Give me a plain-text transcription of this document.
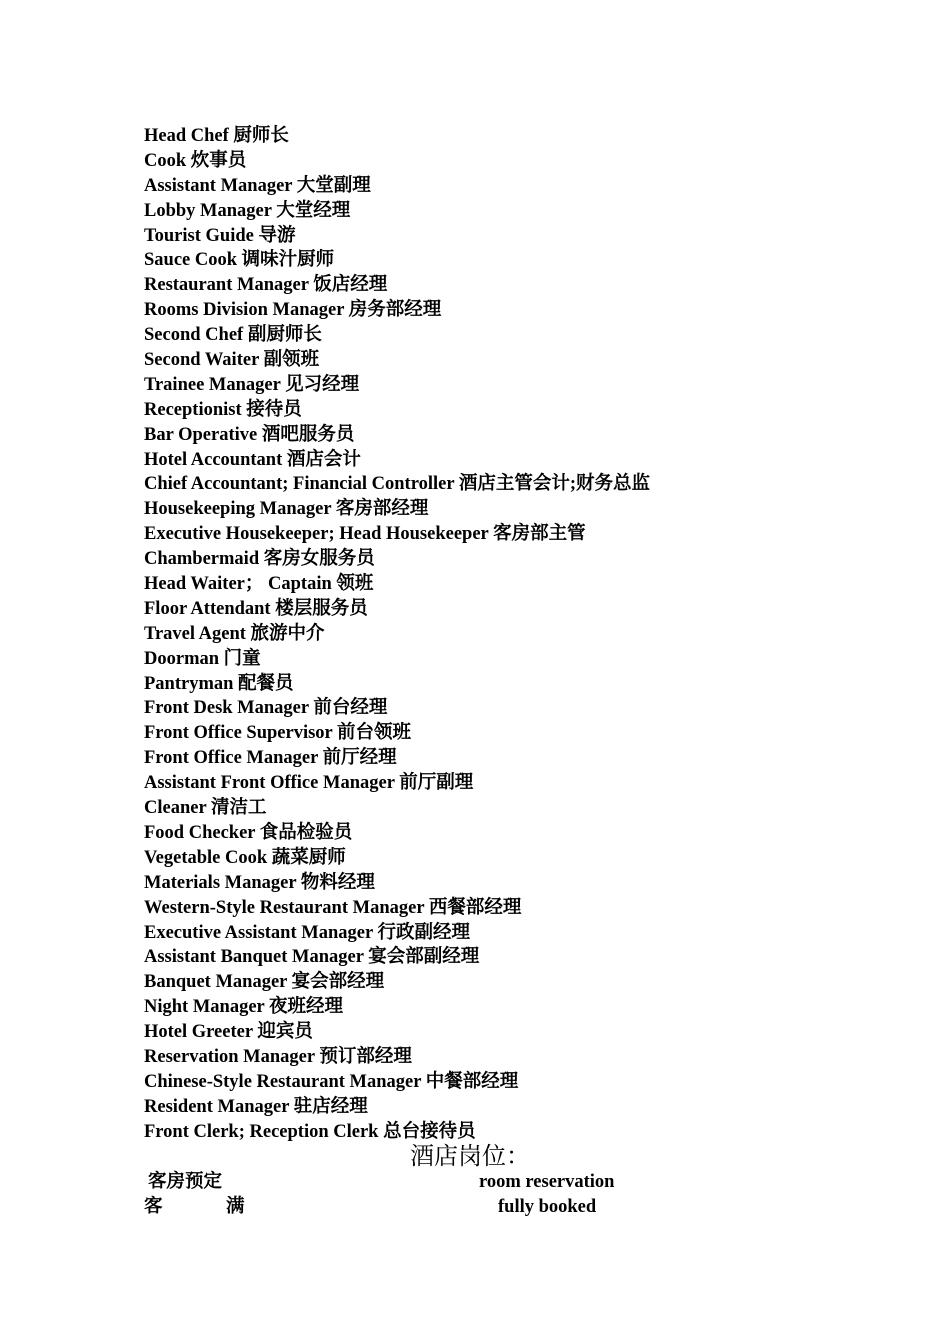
Head Chef 厨师长
Cook 炊事员
Assistant Manager 大堂副理
Lobby Manager 大堂经理
Tourist Guide 导游
Sauce Cook 调味汁厨师
Restaurant Manager 饭店经理
Rooms Division Manager 房务部经理
Second Chef 副厨师长
Second Waiter 副领班
Trainee Manager 见习经理
Receptionist 接待员
Bar Operative 酒吧服务员
Hotel Accountant 酒店会计
Chief Accountant; Financial Controller 酒店主管会计;财务总监
Housekeeping Manager 客房部经理
Executive Housekeeper; Head Housekeeper 客房部主管
Chambermaid 客房女服务员
Head Waiter； Captain 领班
Floor Attendant 楼层服务员
Travel Agent 旅游中介
Doorman 门童
Pantryman 配餐员
Front Desk Manager 前台经理
Front Office Supervisor 前台领班
Front Office Manager 前厅经理
Assistant Front Office Manager 前厅副理
Cleaner 清洁工
Food Checker 食品检验员
Vegetable Cook 蔬菜厨师
Materials Manager 物料经理
Western-Style Restaurant Manager 西餐部经理
Executive Assistant Manager 行政副经理
Assistant Banquet Manager 宴会部副经理
Banquet Manager 宴会部经理
Night Manager 夜班经理
Hotel Greeter 迎宾员
Reservation Manager 预订部经理
Chinese-Style Restaurant Manager 中餐部经理
Resident Manager 驻店经理
Front Clerk; Reception Clerk 总台接待员
酒店岗位：
客房预定	room reservation
客	满	fully booked
